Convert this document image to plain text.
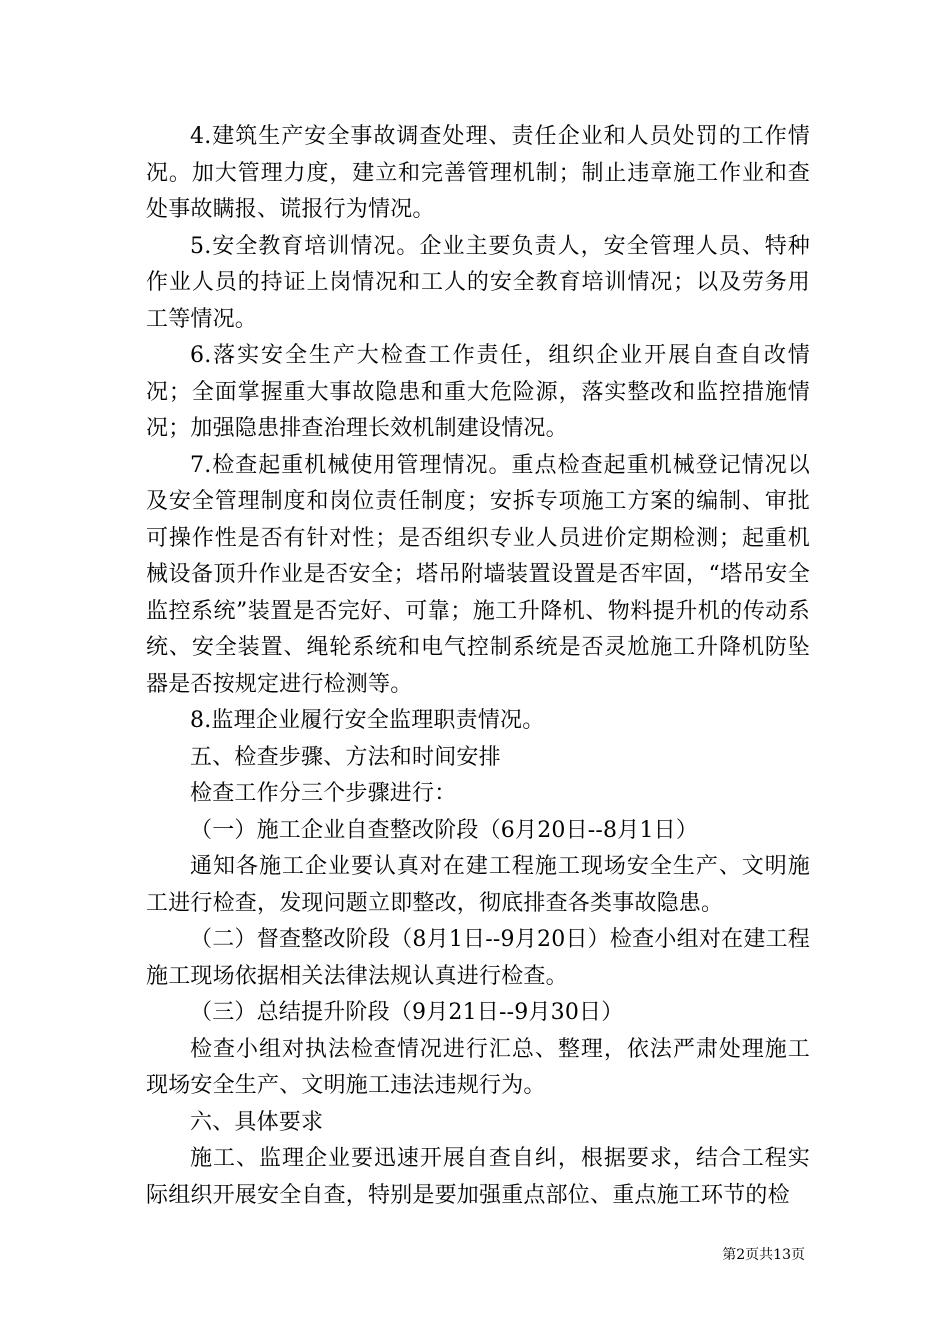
4.建筑生产安全事故调查处理、责任企业和人员处罚的工作情况。加大管理力度，建立和完善管理机制；制止违章施工作业和查处事故瞒报、谎报行为情况。

5.安全教育培训情况。企业主要负责人，安全管理人员、特种作业人员的持证上岗情况和工人的安全教育培训情况；以及劳务用工等情况。

6.落实安全生产大检查工作责任，组织企业开展自查自改情况；全面掌握重大事故隐患和重大危险源，落实整改和监控措施情况；加强隐患排查治理长效机制建设情况。

7.检查起重机械使用管理情况。重点检查起重机械登记情况以及安全管理制度和岗位责任制度；安拆专项施工方案的编制、审批可操作性是否有针对性；是否组织专业人员进价定期检测；起重机械设备顶升作业是否安全；塔吊附墙装置设置是否牢固，“塔吊安全监控系统”装置是否完好、可靠；施工升降机、物料提升机的传动系统、安全装置、绳轮系统和电气控制系统是否灵尬施工升降机防坠器是否按规定进行检测等。

8.监理企业履行安全监理职责情况。

五、检查步骤、方法和时间安排

检查工作分三个步骤进行：

（一）施工企业自查整改阶段（6月20日--8月1日）

通知各施工企业要认真对在建工程施工现场安全生产、文明施工进行检查，发现问题立即整改，彻底排查各类事故隐患。

（二）督查整改阶段（8月1日--9月20日）检查小组对在建工程施工现场依据相关法律法规认真进行检查。

（三）总结提升阶段（9月21日--9月30日）

检查小组对执法检查情况进行汇总、整理，依法严肃处理施工现场安全生产、文明施工违法违规行为。

六、具体要求

施工、监理企业要迅速开展自查自纠，根据要求，结合工程实际组织开展安全自查，特别是要加强重点部位、重点施工环节的检

第2页共13页
